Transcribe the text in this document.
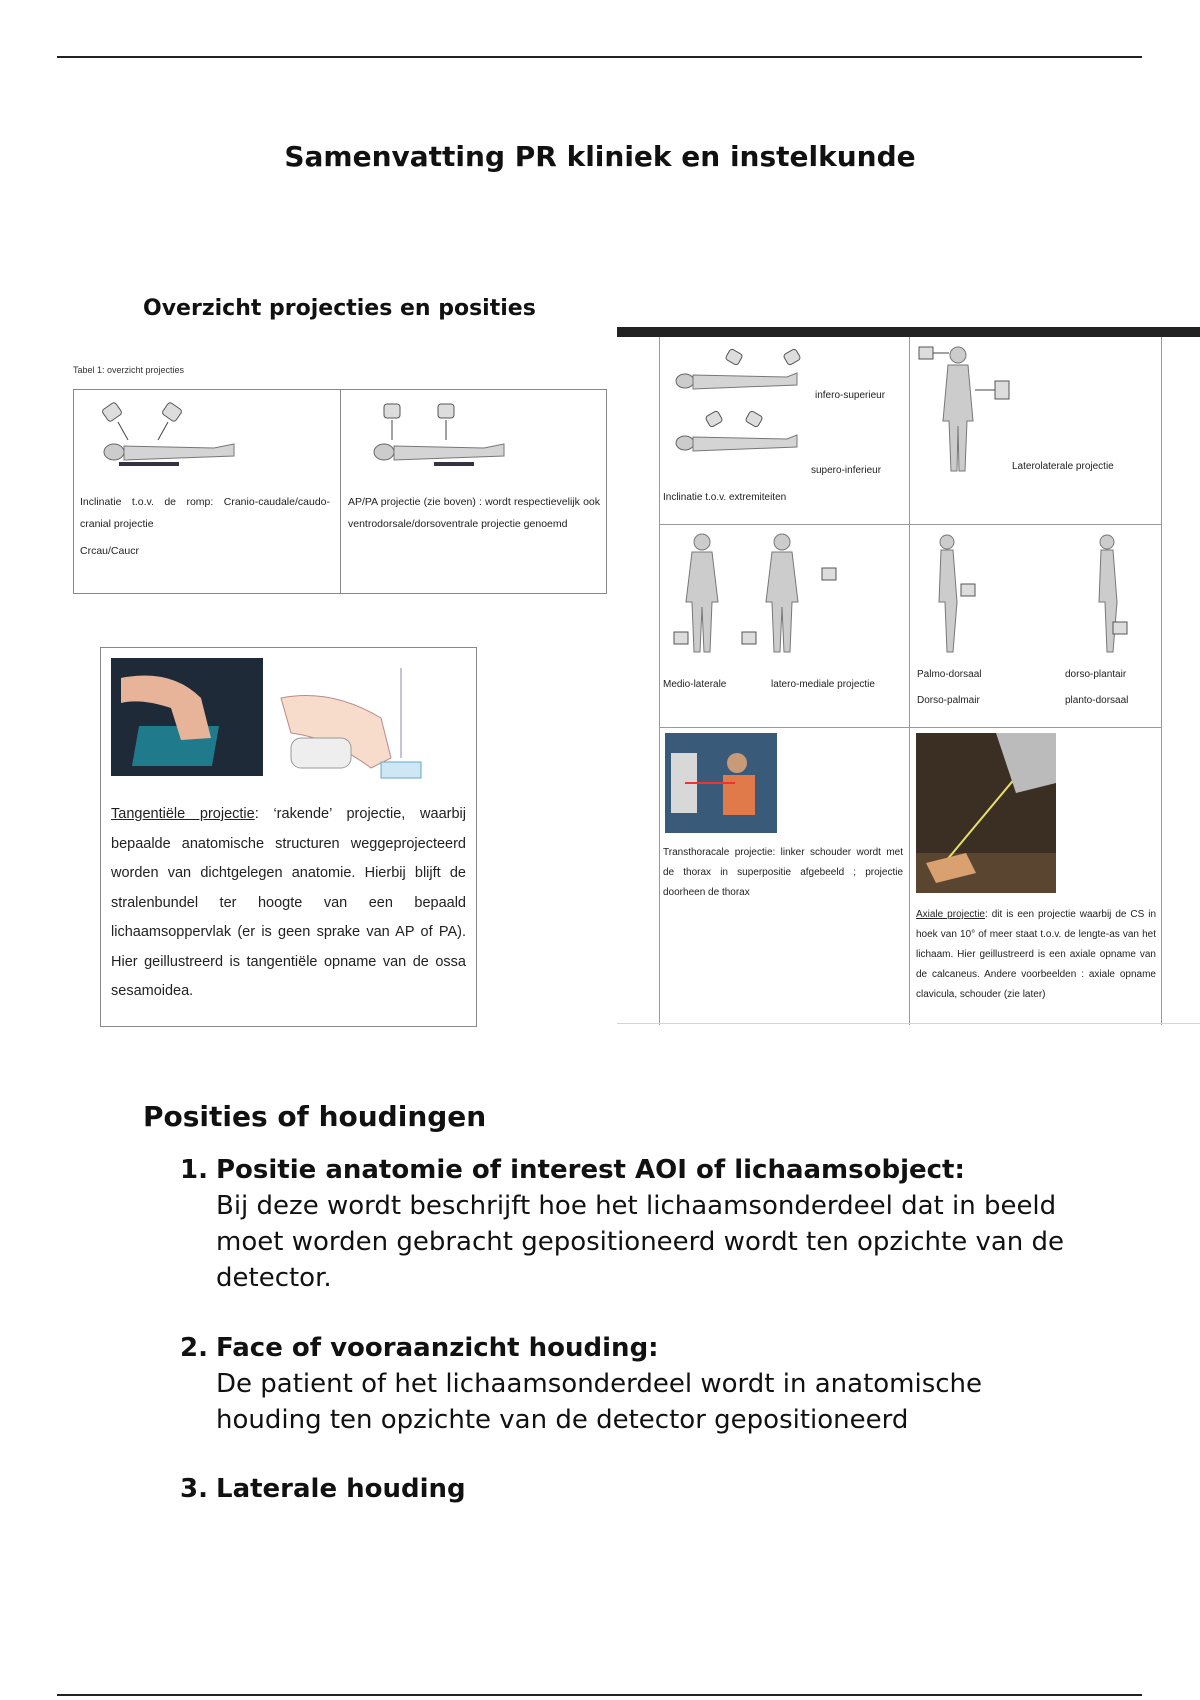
Samenvatting PR kliniek en instelkunde
Overzicht projecties en posities
Tabel 1: overzicht projecties
Inclinatie t.o.v. de romp: Cranio-caudale/caudo-cranial projectie
Crcau/Caucr
AP/PA projectie (zie boven) : wordt respectievelijk ook ventrodorsale/dorsoventrale projectie genoemd

Tangentiële projectie: ‘rakende’ projectie, waarbij bepaalde anatomische structuren weggeprojecteerd worden van dichtgelegen anatomie. Hierbij blijft de stralenbundel ter hoogte van een bepaald lichaamsoppervlak (er is geen sprake van AP of PA). Hier geillustreerd is tangentiële opname van de ossa sesamoidea.

infero-superieur
supero-inferieur
Inclinatie t.o.v. extremiteiten
Laterolaterale projectie
Medio-laterale	latero-mediale projectie
Palmo-dorsaal
Dorso-palmair
dorso-plantair
planto-dorsaal
Transthoracale projectie: linker schouder wordt met de thorax in superpositie afgebeeld ; projectie doorheen de thorax
Axiale projectie: dit is een projectie waarbij de CS in hoek van 10° of meer staat t.o.v. de lengte-as van het lichaam. Hier geillustreerd is een axiale opname van de calcaneus. Andere voorbeelden : axiale opname clavicula, schouder (zie later)
Posities of houdingen
1. Positie anatomie of interest AOI of lichaamsobject:
Bij deze wordt beschrijft hoe het lichaamsonderdeel dat in beeld moet worden gebracht gepositioneerd wordt ten opzichte van de detector.
2. Face of vooraanzicht houding:
De patient of het lichaamsonderdeel wordt in anatomische houding ten opzichte van de detector gepositioneerd
3. Laterale houding
